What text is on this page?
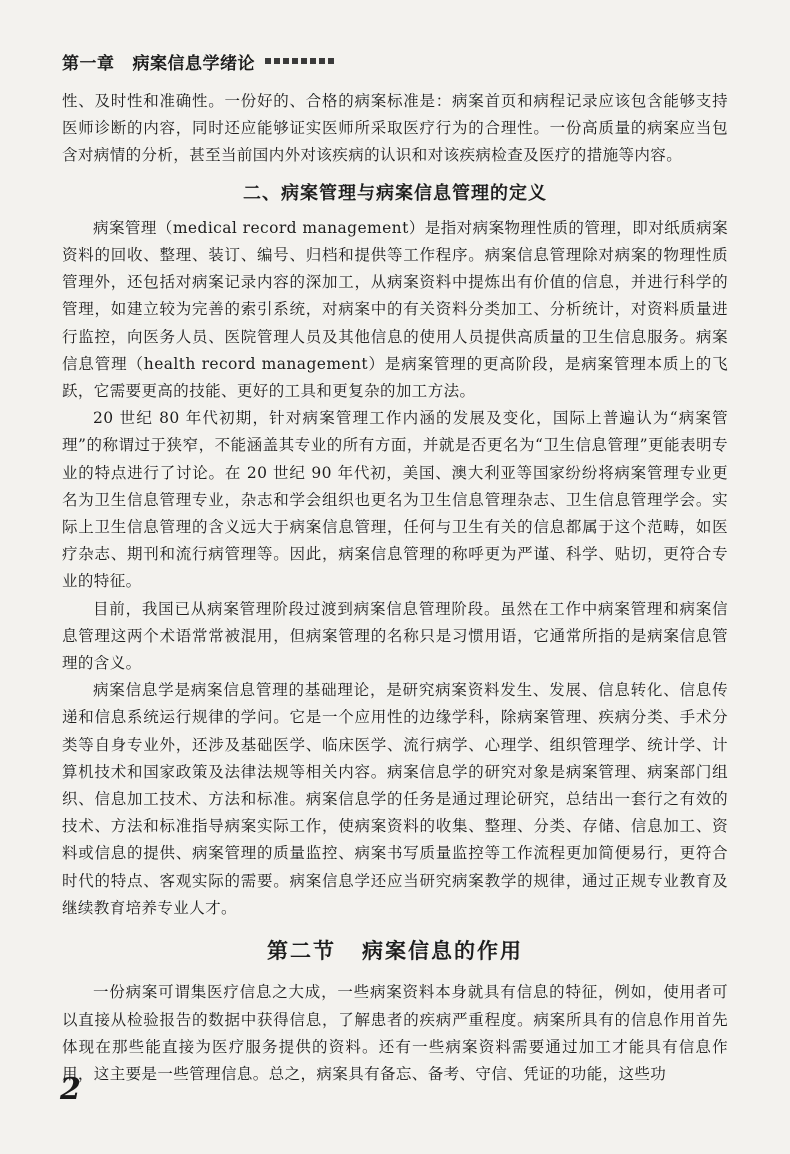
第一章 病案信息学绪论

性、及时性和准确性。一份好的、合格的病案标准是：病案首页和病程记录应该包含能够支持医师诊断的内容，同时还应能够证实医师所采取医疗行为的合理性。一份高质量的病案应当包含对病情的分析，甚至当前国内外对该疾病的认识和对该疾病检查及医疗的措施等内容。

二、病案管理与病案信息管理的定义

病案管理（medical record management）是指对病案物理性质的管理，即对纸质病案资料的回收、整理、装订、编号、归档和提供等工作程序。病案信息管理除对病案的物理性质管理外，还包括对病案记录内容的深加工，从病案资料中提炼出有价值的信息，并进行科学的管理，如建立较为完善的索引系统，对病案中的有关资料分类加工、分析统计，对资料质量进行监控，向医务人员、医院管理人员及其他信息的使用人员提供高质量的卫生信息服务。病案信息管理（health record management）是病案管理的更高阶段，是病案管理本质上的飞跃，它需要更高的技能、更好的工具和更复杂的加工方法。

20 世纪 80 年代初期，针对病案管理工作内涵的发展及变化，国际上普遍认为“病案管理”的称谓过于狭窄，不能涵盖其专业的所有方面，并就是否更名为“卫生信息管理”更能表明专业的特点进行了讨论。在 20 世纪 90 年代初，美国、澳大利亚等国家纷纷将病案管理专业更名为卫生信息管理专业，杂志和学会组织也更名为卫生信息管理杂志、卫生信息管理学会。实际上卫生信息管理的含义远大于病案信息管理，任何与卫生有关的信息都属于这个范畴，如医疗杂志、期刊和流行病管理等。因此，病案信息管理的称呼更为严谨、科学、贴切，更符合专业的特征。

目前，我国已从病案管理阶段过渡到病案信息管理阶段。虽然在工作中病案管理和病案信息管理这两个术语常常被混用，但病案管理的名称只是习惯用语，它通常所指的是病案信息管理的含义。

病案信息学是病案信息管理的基础理论，是研究病案资料发生、发展、信息转化、信息传递和信息系统运行规律的学问。它是一个应用性的边缘学科，除病案管理、疾病分类、手术分类等自身专业外，还涉及基础医学、临床医学、流行病学、心理学、组织管理学、统计学、计算机技术和国家政策及法律法规等相关内容。病案信息学的研究对象是病案管理、病案部门组织、信息加工技术、方法和标准。病案信息学的任务是通过理论研究，总结出一套行之有效的技术、方法和标准指导病案实际工作，使病案资料的收集、整理、分类、存储、信息加工、资料或信息的提供、病案管理的质量监控、病案书写质量监控等工作流程更加简便易行，更符合时代的特点、客观实际的需要。病案信息学还应当研究病案教学的规律，通过正规专业教育及继续教育培养专业人才。

第二节 病案信息的作用

一份病案可谓集医疗信息之大成，一些病案资料本身就具有信息的特征，例如，使用者可以直接从检验报告的数据中获得信息，了解患者的疾病严重程度。病案所具有的信息作用首先体现在那些能直接为医疗服务提供的资料。还有一些病案资料需要通过加工才能具有信息作用，这主要是一些管理信息。总之，病案具有备忘、备考、守信、凭证的功能，这些功

2
